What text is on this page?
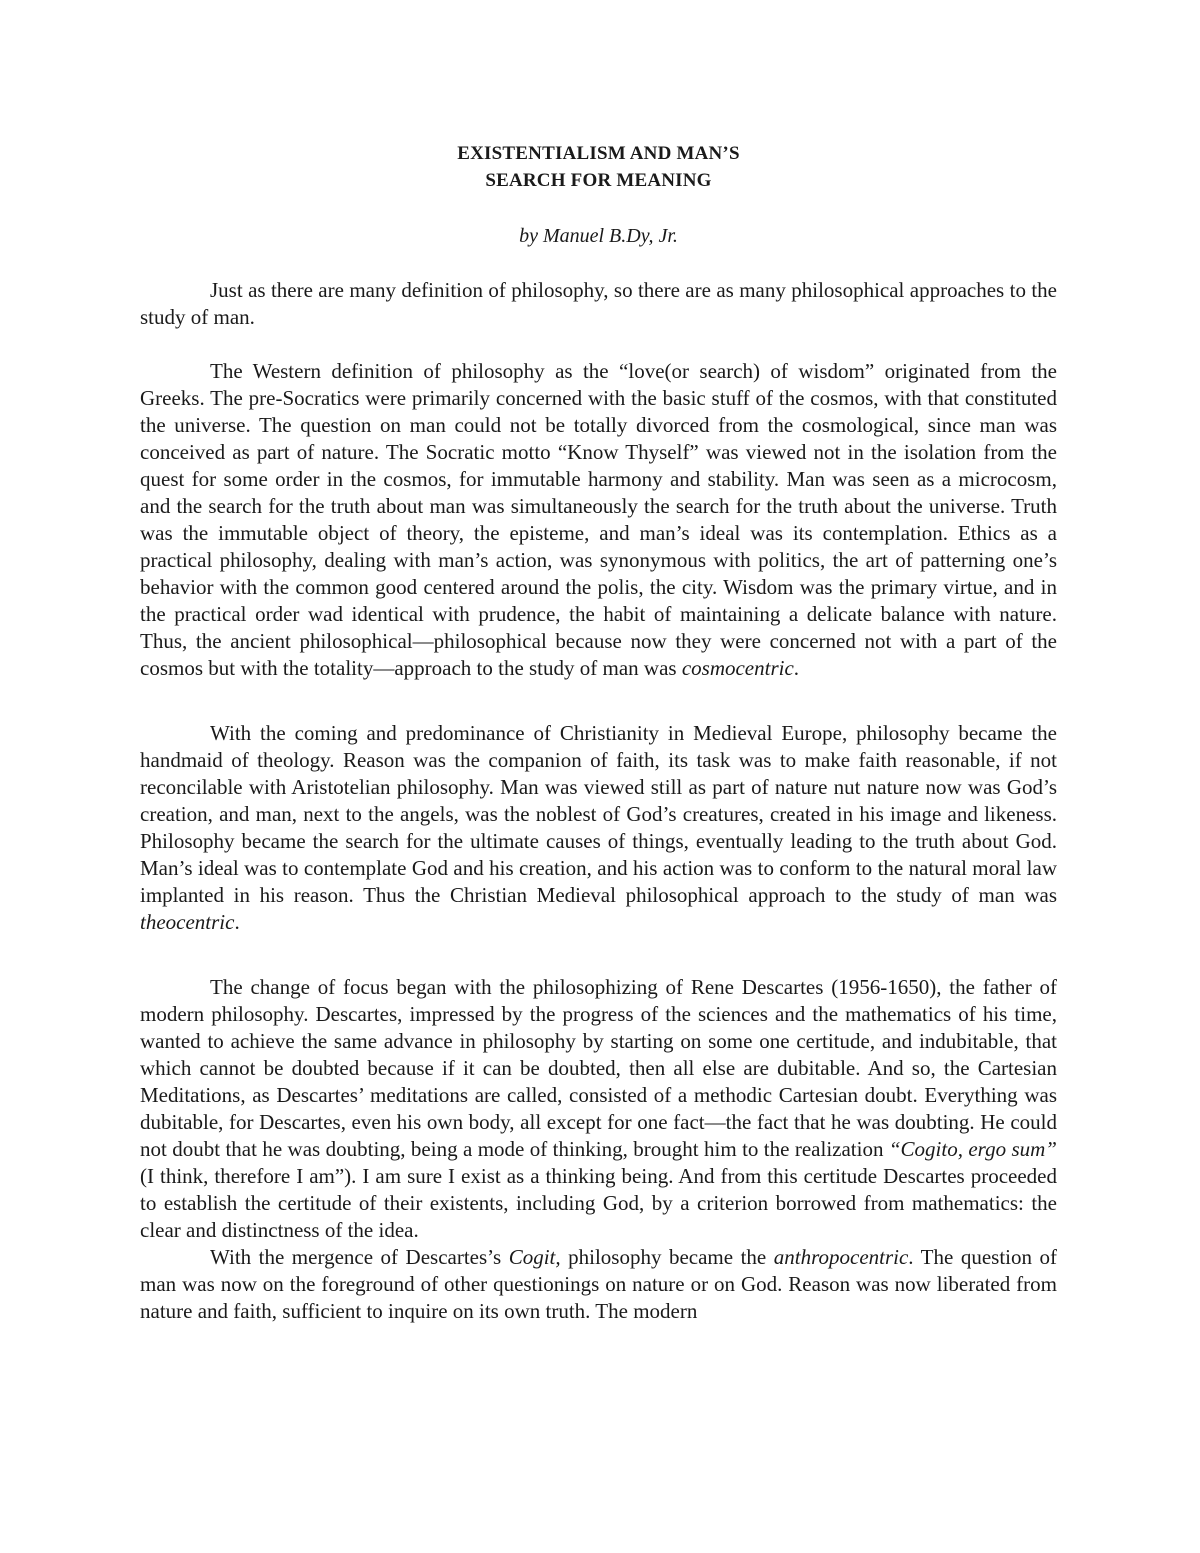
EXISTENTIALISM AND MAN’S
SEARCH FOR MEANING

by Manuel B.Dy, Jr.

Just as there are many definition of philosophy, so there are as many philosophical approaches to the study of man.

The Western definition of philosophy as the “love(or search) of wisdom” originated from the Greeks. The pre-Socratics were primarily concerned with the basic stuff of the cosmos, with that constituted the universe. The question on man could not be totally divorced from the cosmological, since man was conceived as part of nature. The Socratic motto “Know Thyself” was viewed not in the isolation from the quest for some order in the cosmos, for immutable harmony and stability. Man was seen as a microcosm, and the search for the truth about man was simultaneously the search for the truth about the universe. Truth was the immutable object of theory, the episteme, and man’s ideal was its contemplation. Ethics as a practical philosophy, dealing with man’s action, was synonymous with politics, the art of patterning one’s behavior with the common good centered around the polis, the city. Wisdom was the primary virtue, and in the practical order wad identical with prudence, the habit of maintaining a delicate balance with nature. Thus, the ancient philosophical—philosophical because now they were concerned not with a part of the cosmos but with the totality—approach to the study of man was cosmocentric.

With the coming and predominance of Christianity in Medieval Europe, philosophy became the handmaid of theology. Reason was the companion of faith, its task was to make faith reasonable, if not reconcilable with Aristotelian philosophy. Man was viewed still as part of nature nut nature now was God’s creation, and man, next to the angels, was the noblest of God’s creatures, created in his image and likeness. Philosophy became the search for the ultimate causes of things, eventually leading to the truth about God. Man’s ideal was to contemplate God and his creation, and his action was to conform to the natural moral law implanted in his reason. Thus the Christian Medieval philosophical approach to the study of man was theocentric.

The change of focus began with the philosophizing of Rene Descartes (1956-1650), the father of modern philosophy. Descartes, impressed by the progress of the sciences and the mathematics of his time, wanted to achieve the same advance in philosophy by starting on some one certitude, and indubitable, that which cannot be doubted because if it can be doubted, then all else are dubitable. And so, the Cartesian Meditations, as Descartes’ meditations are called, consisted of a methodic Cartesian doubt. Everything was dubitable, for Descartes, even his own body, all except for one fact—the fact that he was doubting. He could not doubt that he was doubting, being a mode of thinking, brought him to the realization “Cogito, ergo sum” (I think, therefore I am”). I am sure I exist as a thinking being. And from this certitude Descartes proceeded to establish the certitude of their existents, including God, by a criterion borrowed from mathematics: the clear and distinctness of the idea.

With the mergence of Descartes’s Cogit, philosophy became the anthropocentric. The question of man was now on the foreground of other questionings on nature or on God. Reason was now liberated from nature and faith, sufficient to inquire on its own truth. The modern
